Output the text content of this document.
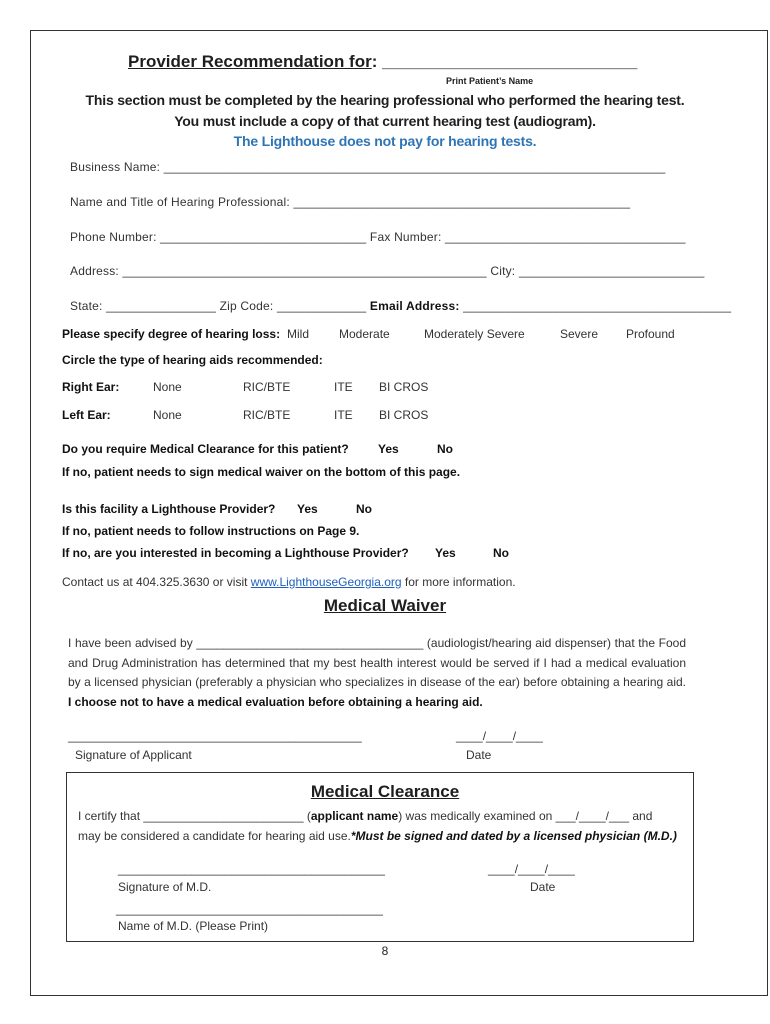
Provider Recommendation for: ___________________________
Print Patient’s Name
This section must be completed by the hearing professional who performed the hearing test.
You must include a copy of that current hearing test (audiogram).
The Lighthouse does not pay for hearing tests.
Business Name: _________________________________________________________________________
Name and Title of Hearing Professional: _________________________________________________
Phone Number: ______________________________ Fax Number: ___________________________________
Address: _____________________________________________________ City: ___________________________
State: ________________ Zip Code: _____________ Email Address: _______________________________________
Please specify degree of hearing loss: Mild Moderate	Moderately Severe	Severe Profound
Circle the type of hearing aids recommended:
Right Ear:	None	RIC/BTE	ITE BI CROS
Left Ear:	None	RIC/BTE	ITE BI CROS
Do you require Medical Clearance for this patient? Yes	No
If no, patient needs to sign medical waiver on the bottom of this page.
Is this facility a Lighthouse Provider? Yes	No
If no, patient needs to follow instructions on Page 9.
If no, are you interested in becoming a Lighthouse Provider? Yes	No
Contact us at 404.325.3630 or visit www.LighthouseGeorgia.org for more information.
Medical Waiver
I have been advised by __________________________________ (audiologist/hearing aid dispenser) that the Food and Drug Administration has determined that my best health interest would be served if I had a medical evaluation by a licensed physician (preferably a physician who specializes in disease of the ear) before obtaining a hearing aid. I choose not to have a medical evaluation before obtaining a hearing aid.
____________________________________________
Signature of Applicant
____/____/____
Date
Medical Clearance
I certify that ________________________ (applicant name) was medically examined on ___/____/___ and
may be considered a candidate for hearing aid use.*Must be signed and dated by a licensed physician (M.D.)
________________________________________
Signature of M.D.
____/____/____
Date
________________________________________
Name of M.D. (Please Print)
8
